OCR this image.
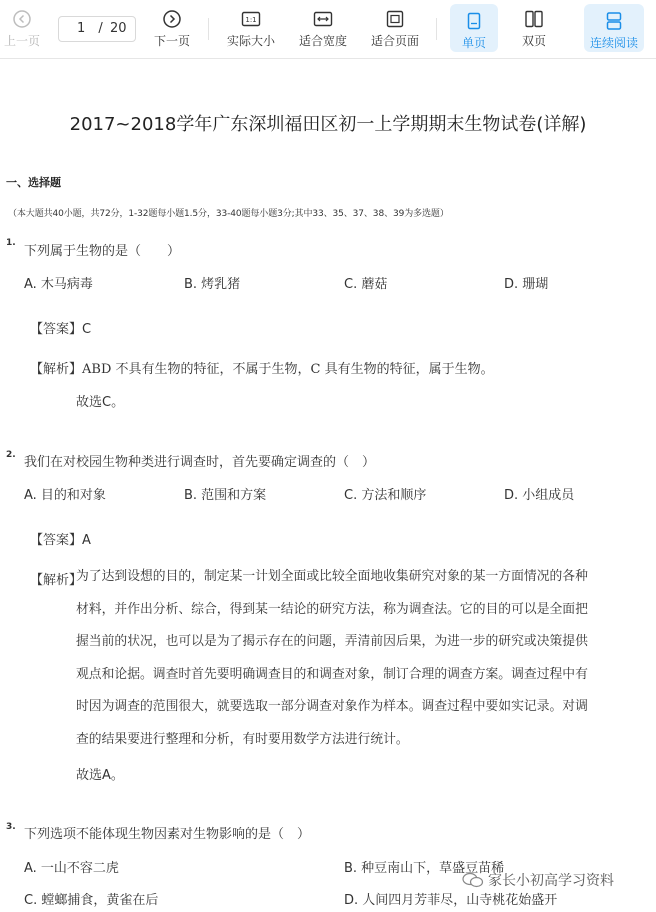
上一页
1 / 20
下一页
1:1
实际大小 适合宽度 适合页面	单页	双页	连续阅读
2017~2018学年广东深圳福田区初一上学期期末生物试卷(详解)
一、选择题
（本大题共40小题，共72分，1-32题每小题1.5分，33-40题每小题3分;其中33、35、37、38、39为多选题）
1.
下列属于生物的是（　　）
A. 木马病毒	B. 烤乳猪	C. 蘑菇	D. 珊瑚
【答案】C
【解析】ABD 不具有生物的特征，不属于生物，C 具有生物的特征，属于生物。
故选C。
2. 我们在对校园生物种类进行调查时，首先要确定调查的（　）
A. 目的和对象	B. 范围和方案	C. 方法和顺序	D. 小组成员
【答案】A
【解析】
为了达到设想的目的，制定某一计划全面或比较全面地收集研究对象的某一方面情况的各种
材料，并作出分析、综合，得到某一结论的研究方法，称为调查法。它的目的可以是全面把
握当前的状况，也可以是为了揭示存在的问题，弄清前因后果，为进一步的研究或决策提供
观点和论据。调查时首先要明确调查目的和调查对象，制订合理的调查方案。调查过程中有
时因为调查的范围很大，就要选取一部分调查对象作为样本。调查过程中要如实记录。对调
查的结果要进行整理和分析，有时要用数学方法进行统计。
故选A。
3. 下列选项不能体现生物因素对生物影响的是（　）
A. 一山不容二虎	B. 种豆南山下，草盛豆苗稀
C. 螳螂捕食，黄雀在后	D. 人间四月芳菲尽，山寺桃花始盛开
家长小初高学习资料
